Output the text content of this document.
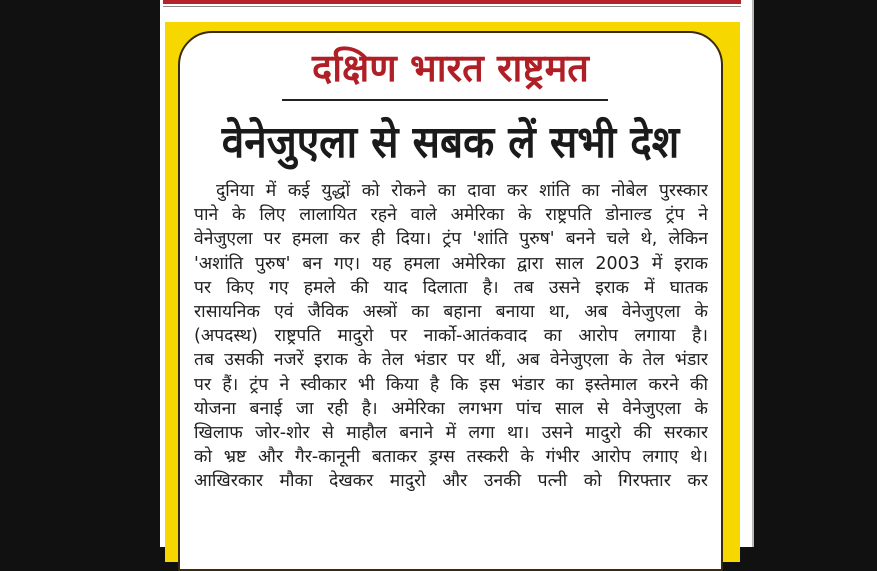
दक्षिण भारत राष्ट्रमत
वेनेजुएला से सबक लें सभी देश
दुनिया में कई युद्धों को रोकने का दावा कर शांति का नोबेल पुरस्कार
पाने के लिए लालायित रहने वाले अमेरिका के राष्ट्रपति डोनाल्ड ट्रंप ने
वेनेजुएला पर हमला कर ही दिया। ट्रंप 'शांति पुरुष' बनने चले थे, लेकिन
'अशांति पुरुष' बन गए। यह हमला अमेरिका द्वारा साल 2003 में इराक
पर किए गए हमले की याद दिलाता है। तब उसने इराक में घातक
रासायनिक एवं जैविक अस्त्रों का बहाना बनाया था, अब वेनेजुएला के
(अपदस्थ) राष्ट्रपति मादुरो पर नार्को-आतंकवाद का आरोप लगाया है।
तब उसकी नजरें इराक के तेल भंडार पर थीं, अब वेनेजुएला के तेल भंडार
पर हैं। ट्रंप ने स्वीकार भी किया है कि इस भंडार का इस्तेमाल करने की
योजना बनाई जा रही है। अमेरिका लगभग पांच साल से वेनेजुएला के
खिलाफ जोर-शोर से माहौल बनाने में लगा था। उसने मादुरो की सरकार
को भ्रष्ट और गैर-कानूनी बताकर ड्रग्स तस्करी के गंभीर आरोप लगाए थे।
आखिरकार मौका देखकर मादुरो और उनकी पत्नी को गिरफ्तार कर
